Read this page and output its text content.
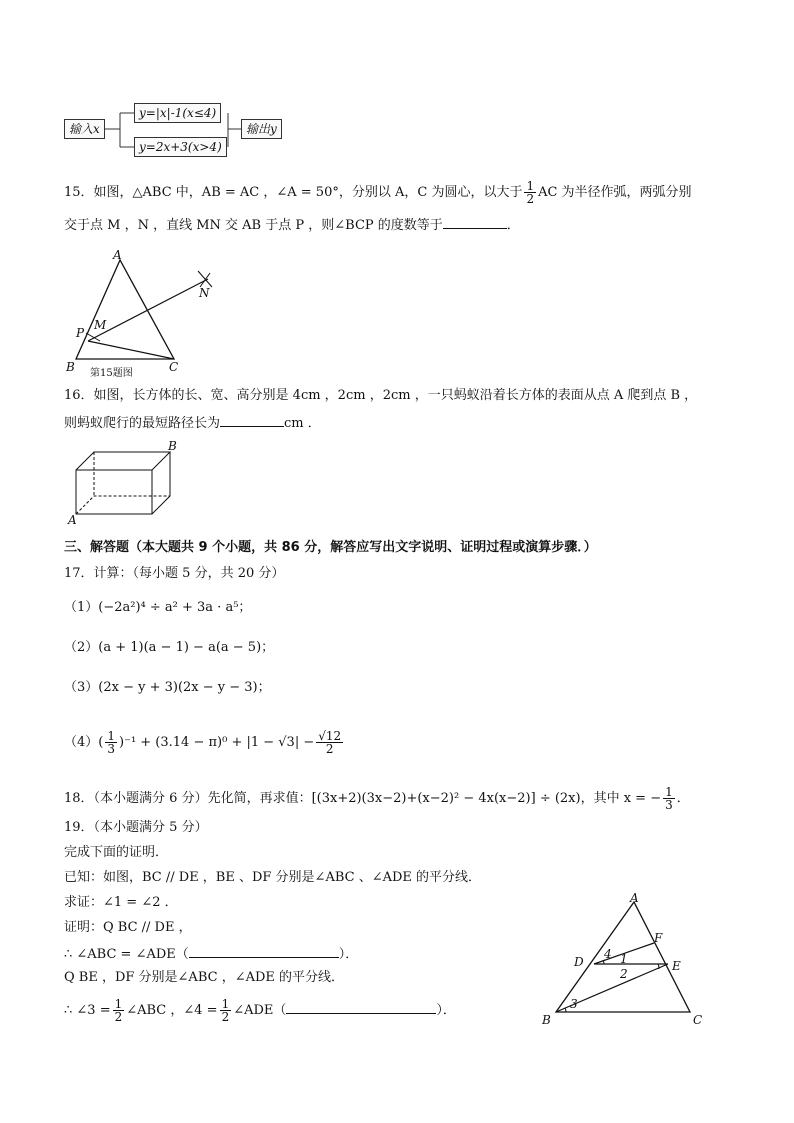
输入x
y=|x|-1(x≤4)
y=2x+3(x>4)
输出y
15．如图，△ABC 中，AB = AC ，∠A = 50°，分别以 A，C 为圆心，以大于 $\frac{1}{2}$ AC 为半径作弧，两弧分别
交于点 M ，N ，直线 MN 交 AB 于点 P ，则∠BCP 的度数等于	．
A
B	C
M
N
P
第15题图
16．如图，长方体的长、宽、高分别是 4cm ，2cm ，2cm ，一只蚂蚁沿着长方体的表面从点 A 爬到点 B ，
则蚂蚁爬行的最短路径长为	cm ．
B
A
三、解答题（本大题共 9 个小题，共 86 分，解答应写出文字说明、证明过程或演算步骤．）
17．计算：（每小题 5 分，共 20 分）
（1）(−2a²)⁴ ÷ a² + 3a · a⁵；
（2）(a + 1)(a − 1) − a(a − 5)；
（3）(2x − y + 3)(2x − y − 3)；
$(4)( \frac{1}{3} )^{-1} + (3.14 - \pi)^0 + |1 - √3| - \frac{√12}{2}$
18．（本小题满分 6 分）先化简，再求值：[(3x+2)(3x−2)+(x−2)² − 4x(x−2)] ÷ (2x)，其中 x = − $\frac{1}{3}$ ．
19．（本小题满分 5 分）
完成下面的证明．
已知：如图，BC // DE ，BE 、DF 分别是∠ABC 、∠ADE 的平分线．
求证：∠1 = ∠2 ．
证明：Q BC // DE ，
∴ ∠ABC = ∠ADE（	）．
Q BE ，DF 分别是∠ABC ，∠ADE 的平分线．
∴ ∠3 = $\frac{1}{2}$ ∠ABC ，∠4 = $\frac{1}{2}$ ∠ADE（	）．
A
B	C
D	E
F
1
2
3
4
